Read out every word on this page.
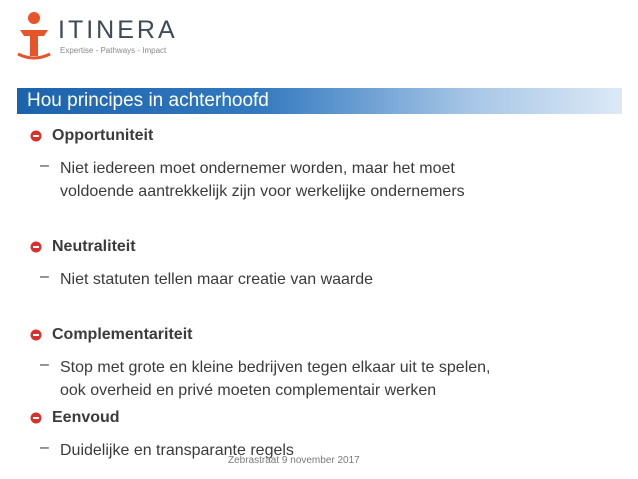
ITINERA
Expertise - Pathways - Impact
Hou principes in achterhoofd
Opportuniteit
– Niet iedereen moet ondernemer worden, maar het moet
voldoende aantrekkelijk zijn voor werkelijke ondernemers
Neutraliteit
– Niet statuten tellen maar creatie van waarde
Complementariteit
– Stop met grote en kleine bedrijven tegen elkaar uit te spelen,
ook overheid en privé moeten complementair werken
Eenvoud
– Duidelijke en transparante regels
Zebrastraat 9 november 2017
